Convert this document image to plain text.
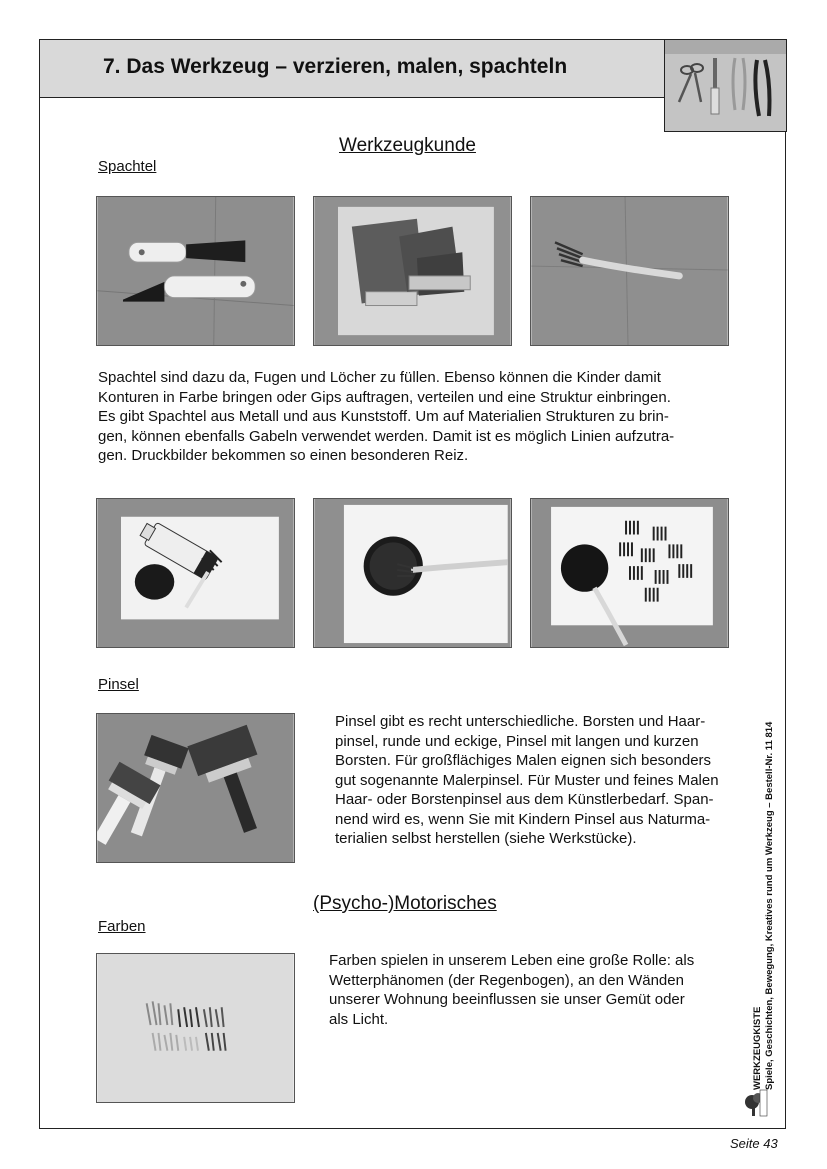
7. Das Werkzeug – verzieren, malen, spachteln
Werkzeugkunde
Spachtel
Spachtel sind dazu da, Fugen und Löcher zu füllen. Ebenso können die Kinder damit
Konturen in Farbe bringen oder Gips auftragen, verteilen und eine Struktur einbringen.
Es gibt Spachtel aus Metall und aus Kunststoff. Um auf Materialien Strukturen zu brin-
gen, können ebenfalls Gabeln verwendet werden. Damit ist es möglich Linien aufzutra-
gen. Druckbilder bekommen so einen besonderen Reiz.
Pinsel
Pinsel gibt es recht unterschiedliche. Borsten und Haar-
pinsel, runde und eckige, Pinsel mit langen und kurzen
Borsten. Für großflächiges Malen eignen sich besonders
gut sogenannte Malerpinsel. Für Muster und feines Malen
Haar- oder Borstenpinsel aus dem Künstlerbedarf. Span-
nend wird es, wenn Sie mit Kindern Pinsel aus Naturma-
terialien selbst herstellen (siehe Werkstücke).
(Psycho-)Motorisches
Farben
Farben spielen in unserem Leben eine große Rolle: als
Wetterphänomen (der Regenbogen), an den Wänden
unserer Wohnung beeinflussen sie unser Gemüt oder
als Licht.	WERKZEUGKISTE Spiele, Geschichten, Bewegung, Kreatives rund um Werkzeug – Bestell-Nr. 11 814
Seite 43
